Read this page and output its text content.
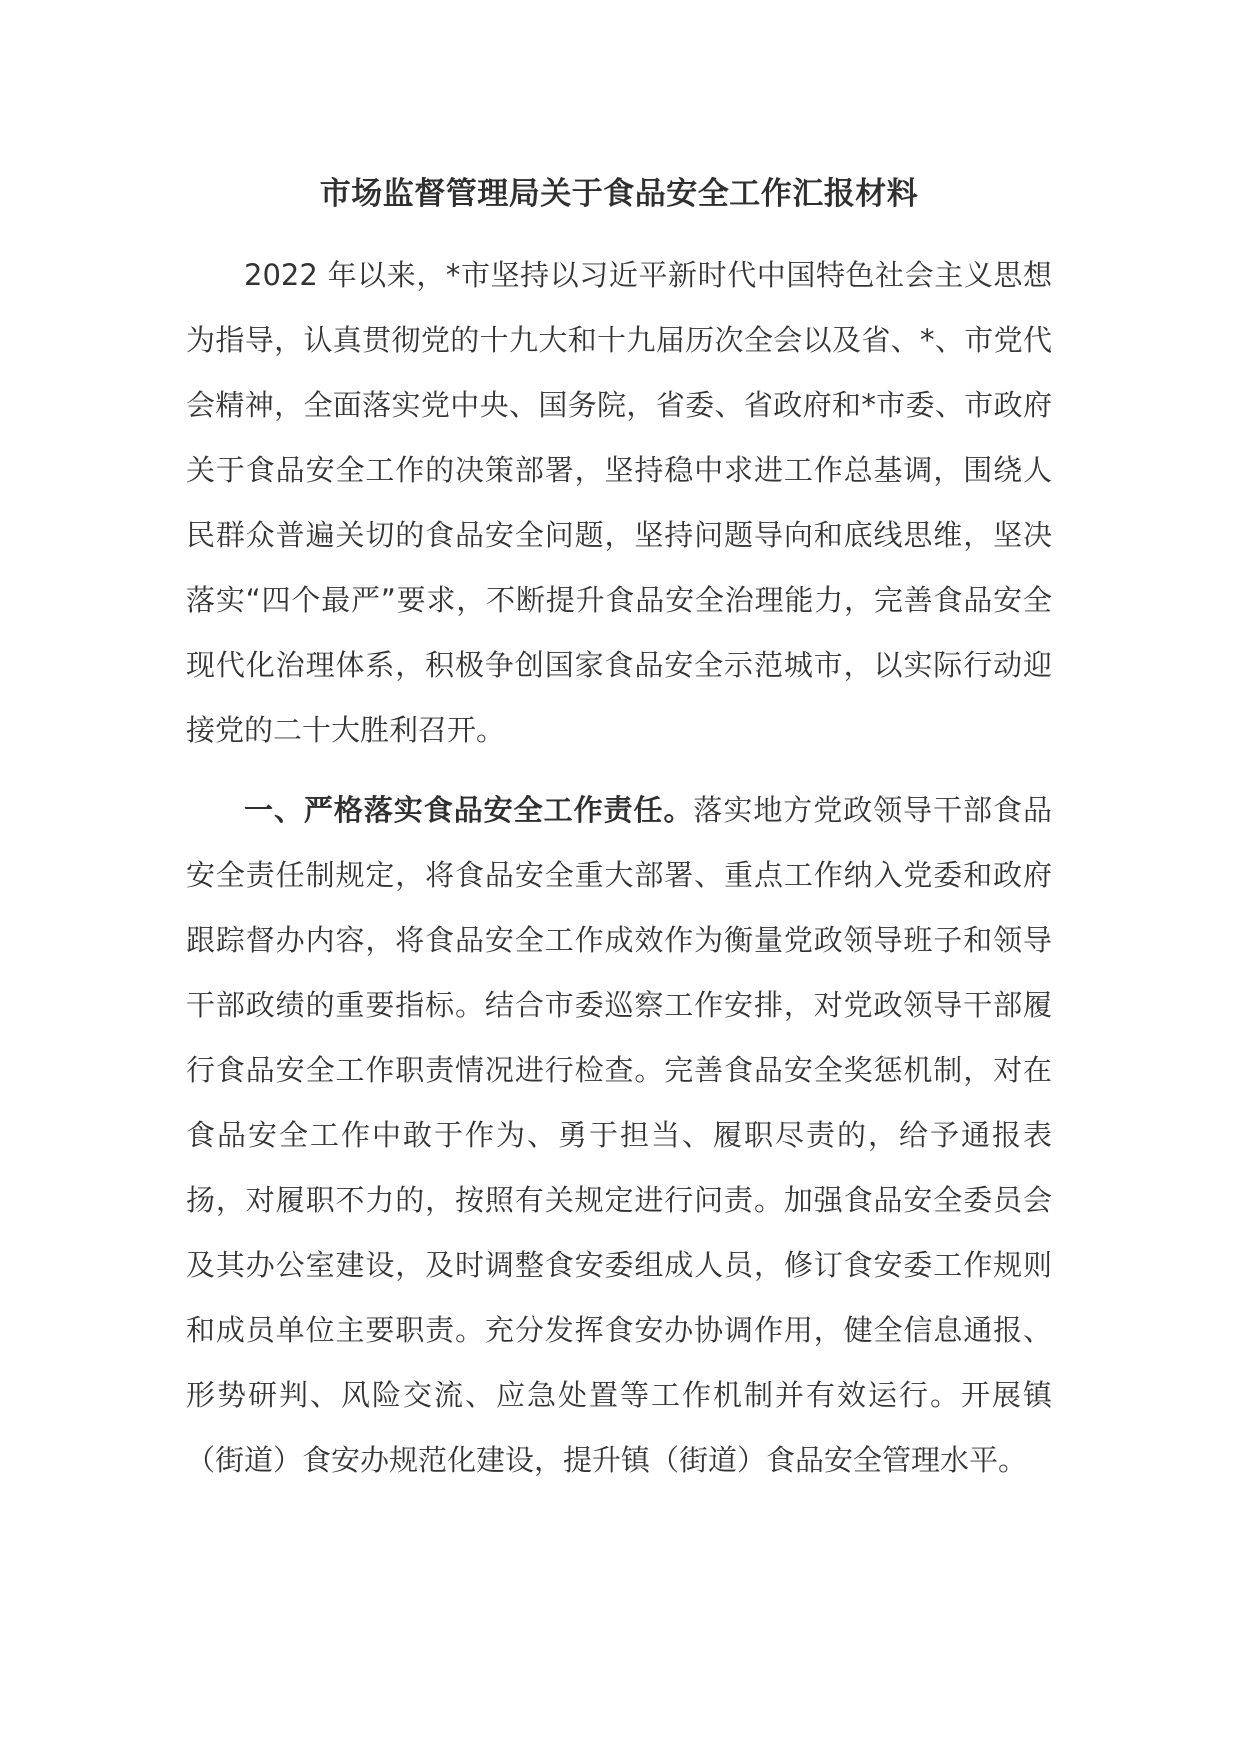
市场监督管理局关于食品安全工作汇报材料

2022 年以来，*市坚持以习近平新时代中国特色社会主义思想为指导，认真贯彻党的十九大和十九届历次全会以及省、*、市党代会精神，全面落实党中央、国务院，省委、省政府和*市委、市政府关于食品安全工作的决策部署，坚持稳中求进工作总基调，围绕人民群众普遍关切的食品安全问题，坚持问题导向和底线思维，坚决落实“四个最严”要求，不断提升食品安全治理能力，完善食品安全现代化治理体系，积极争创国家食品安全示范城市，以实际行动迎接党的二十大胜利召开。

一、严格落实食品安全工作责任。落实地方党政领导干部食品安全责任制规定，将食品安全重大部署、重点工作纳入党委和政府跟踪督办内容，将食品安全工作成效作为衡量党政领导班子和领导干部政绩的重要指标。结合市委巡察工作安排，对党政领导干部履行食品安全工作职责情况进行检查。完善食品安全奖惩机制，对在食品安全工作中敢于作为、勇于担当、履职尽责的，给予通报表扬，对履职不力的，按照有关规定进行问责。加强食品安全委员会及其办公室建设，及时调整食安委组成人员，修订食安委工作规则和成员单位主要职责。充分发挥食安办协调作用，健全信息通报、形势研判、风险交流、应急处置等工作机制并有效运行。开展镇（街道）食安办规范化建设，提升镇（街道）食品安全管理水平。
